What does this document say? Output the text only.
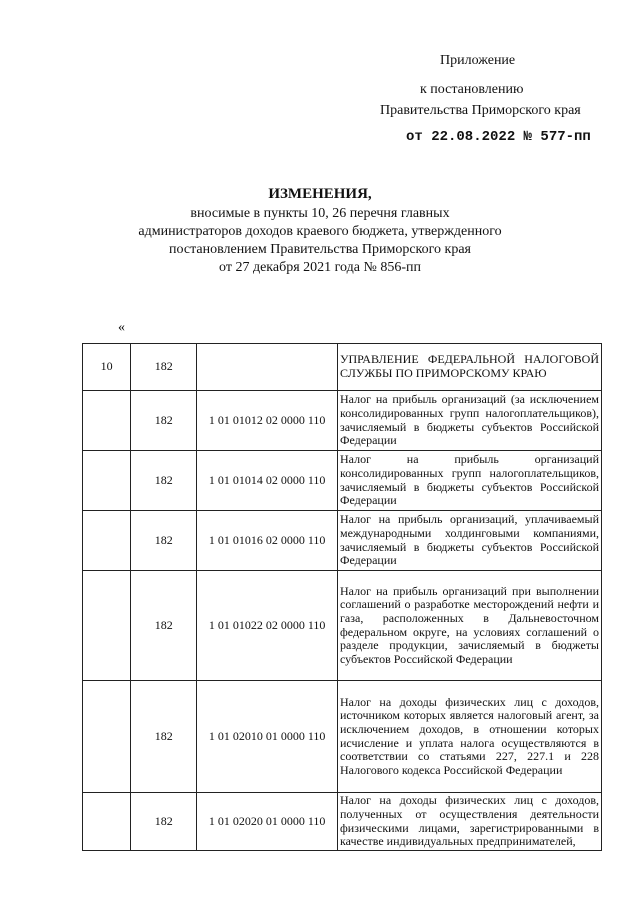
Приложение
к постановлению
Правительства Приморского края
от 22.08.2022 № 577-пп
ИЗМЕНЕНИЯ,
вносимые в пункты 10, 26 перечня главных
администраторов доходов краевого бюджета, утвержденного
постановлением Правительства Приморского края
от 27 декабря 2021 года № 856-пп
«
10	182		УПРАВЛЕНИЕ ФЕДЕРАЛЬНОЙ НАЛОГОВОЙ СЛУЖБЫ ПО ПРИМОРСКОМУ КРАЮ

	182	1 01 01012 02 0000 110	Налог на прибыль организаций (за исключением консолидированных групп налогоплательщиков), зачисляемый в бюджеты субъектов Российской Федерации

	182	1 01 01014 02 0000 110	Налог на прибыль организаций консолидированных групп налогоплательщиков, зачисляемый в бюджеты субъектов Российской Федерации

	182	1 01 01016 02 0000 110	Налог на прибыль организаций, уплачиваемый международными холдинговыми компаниями, зачисляемый в бюджеты субъектов Российской Федерации

	182	1 01 01022 02 0000 110	Налог на прибыль организаций при выполнении соглашений о разработке месторождений нефти и газа, расположенных в Дальневосточном федеральном округе, на условиях соглашений о разделе продукции, зачисляемый в бюджеты субъектов Российской Федерации

	182	1 01 02010 01 0000 110	Налог на доходы физических лиц с доходов, источником которых является налоговый агент, за исключением доходов, в отношении которых исчисление и уплата налога осуществляются в соответствии со статьями 227, 227.1 и 228 Налогового кодекса Российской Федерации

	182	1 01 02020 01 0000 110	Налог на доходы физических лиц с доходов, полученных от осуществления деятельности физическими лицами, зарегистрированными в качестве индивидуальных предпринимателей,
